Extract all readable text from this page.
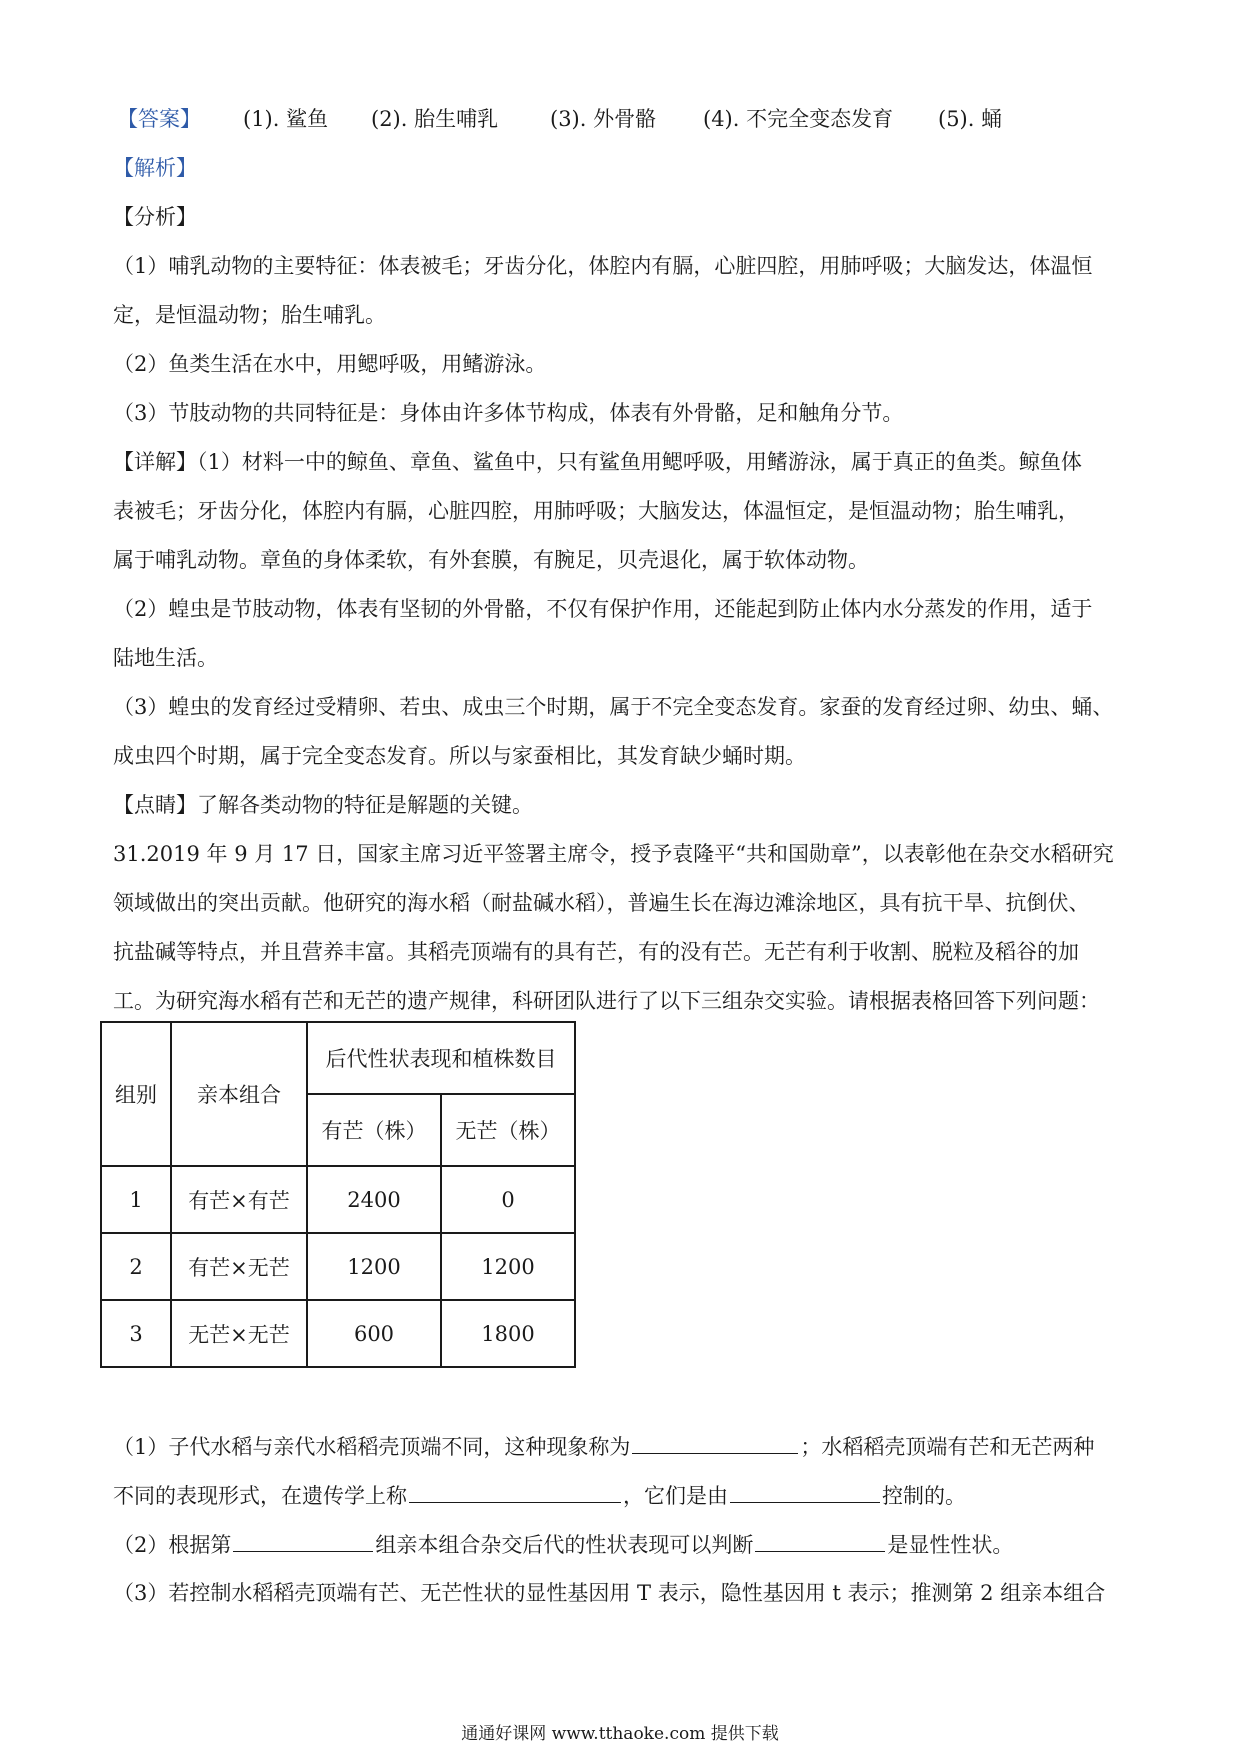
【答案】 (1). 鲨鱼 (2). 胎生哺乳 (3). 外骨骼 (4). 不完全变态发育 (5). 蛹
【解析】
【分析】
（1）哺乳动物的主要特征：体表被毛；牙齿分化，体腔内有膈，心脏四腔，用肺呼吸；大脑发达，体温恒
定，是恒温动物；胎生哺乳。
（2）鱼类生活在水中，用鳃呼吸，用鳍游泳。
（3）节肢动物的共同特征是：身体由许多体节构成，体表有外骨骼，足和触角分节。
【详解】（1）材料一中的鲸鱼、章鱼、鲨鱼中，只有鲨鱼用鳃呼吸，用鳍游泳，属于真正的鱼类。鲸鱼体
表被毛；牙齿分化，体腔内有膈，心脏四腔，用肺呼吸；大脑发达，体温恒定，是恒温动物；胎生哺乳，
属于哺乳动物。章鱼的身体柔软，有外套膜，有腕足，贝壳退化，属于软体动物。
（2）蝗虫是节肢动物，体表有坚韧的外骨骼，不仅有保护作用，还能起到防止体内水分蒸发的作用，适于
陆地生活。
（3）蝗虫的发育经过受精卵、若虫、成虫三个时期，属于不完全变态发育。家蚕的发育经过卵、幼虫、蛹、
成虫四个时期，属于完全变态发育。所以与家蚕相比，其发育缺少蛹时期。
【点睛】了解各类动物的特征是解题的关键。
31.2019 年 9 月 17 日，国家主席习近平签署主席令，授予袁隆平“共和国勋章”，以表彰他在杂交水稻研究
领域做出的突出贡献。他研究的海水稻（耐盐碱水稻），普遍生长在海边滩涂地区，具有抗干旱、抗倒伏、
抗盐碱等特点，并且营养丰富。其稻壳顶端有的具有芒，有的没有芒。无芒有利于收割、脱粒及稻谷的加
工。为研究海水稻有芒和无芒的遗产规律，科研团队进行了以下三组杂交实验。请根据表格回答下列问题：
组别	亲本组合	后代性状表现和植株数目	
		有芒（株）	无芒（株）
1	有芒×有芒	2400	0
2	有芒×无芒	1200	1200
3	无芒×无芒	600	1800
（1）子代水稻与亲代水稻稻壳顶端不同，这种现象称为	；水稻稻壳顶端有芒和无芒两种
不同的表现形式，在遗传学上称	，它们是由	控制的。
（2）根据第	组亲本组合杂交后代的性状表现可以判断	是显性性状。
（3）若控制水稻稻壳顶端有芒、无芒性状的显性基因用 T 表示，隐性基因用 t 表示；推测第 2 组亲本组合
通通好课网 www.tthaoke.com 提供下载
